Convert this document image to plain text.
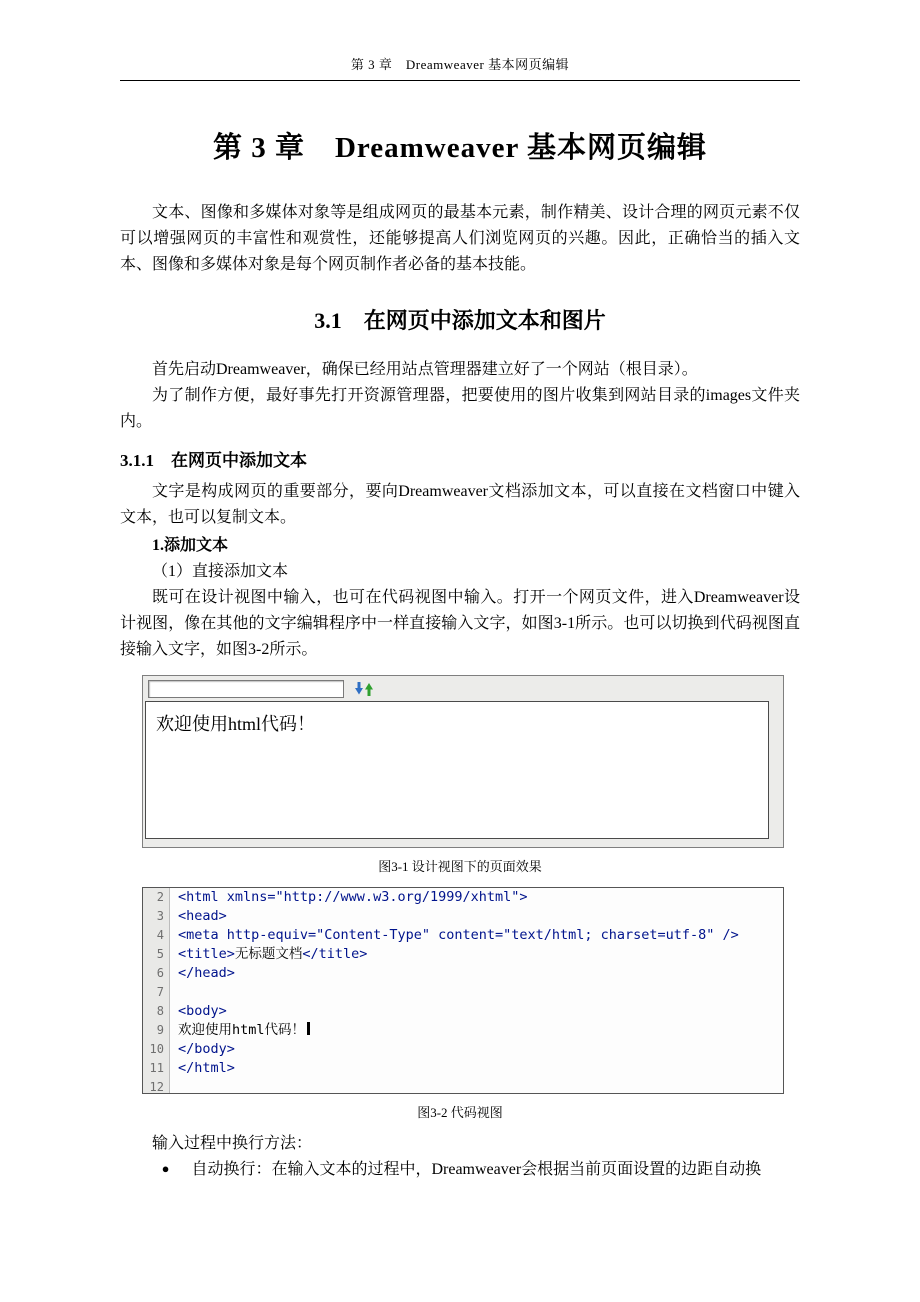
第 3 章　Dreamweaver 基本网页编辑
第 3 章　Dreamweaver 基本网页编辑

文本、图像和多媒体对象等是组成网页的最基本元素，制作精美、设计合理的网页元素不仅可以增强网页的丰富性和观赏性，还能够提高人们浏览网页的兴趣。因此，正确恰当的插入文本、图像和多媒体对象是每个网页制作者必备的基本技能。

3.1　在网页中添加文本和图片

首先启动Dreamweaver，确保已经用站点管理器建立好了一个网站（根目录）。

为了制作方便，最好事先打开资源管理器，把要使用的图片收集到网站目录的images文件夹内。

3.1.1　在网页中添加文本

文字是构成网页的重要部分，要向Dreamweaver文档添加文本，可以直接在文档窗口中键入文本，也可以复制文本。

1.添加文本

（1）直接添加文本

既可在设计视图中输入，也可在代码视图中输入。打开一个网页文件，进入Dreamweaver设计视图，像在其他的文字编辑程序中一样直接输入文字，如图3-1所示。也可以切换到代码视图直接输入文字，如图3-2所示。

欢迎使用html代码！
图3-1 设计视图下的页面效果
2	<html xmlns="http://www.w3.org/1999/xhtml">
3	<head>
4	<meta http-equiv="Content-Type" content="text/html; charset=utf-8" />
5	<title>无标题文档</title>
6	</head>
7
8	<body>
9	欢迎使用html代码！
10	</body>
11	</html>
12
图3-2 代码视图

输入过程中换行方法：

● 自动换行：在输入文本的过程中，Dreamweaver会根据当前页面设置的边距自动换
